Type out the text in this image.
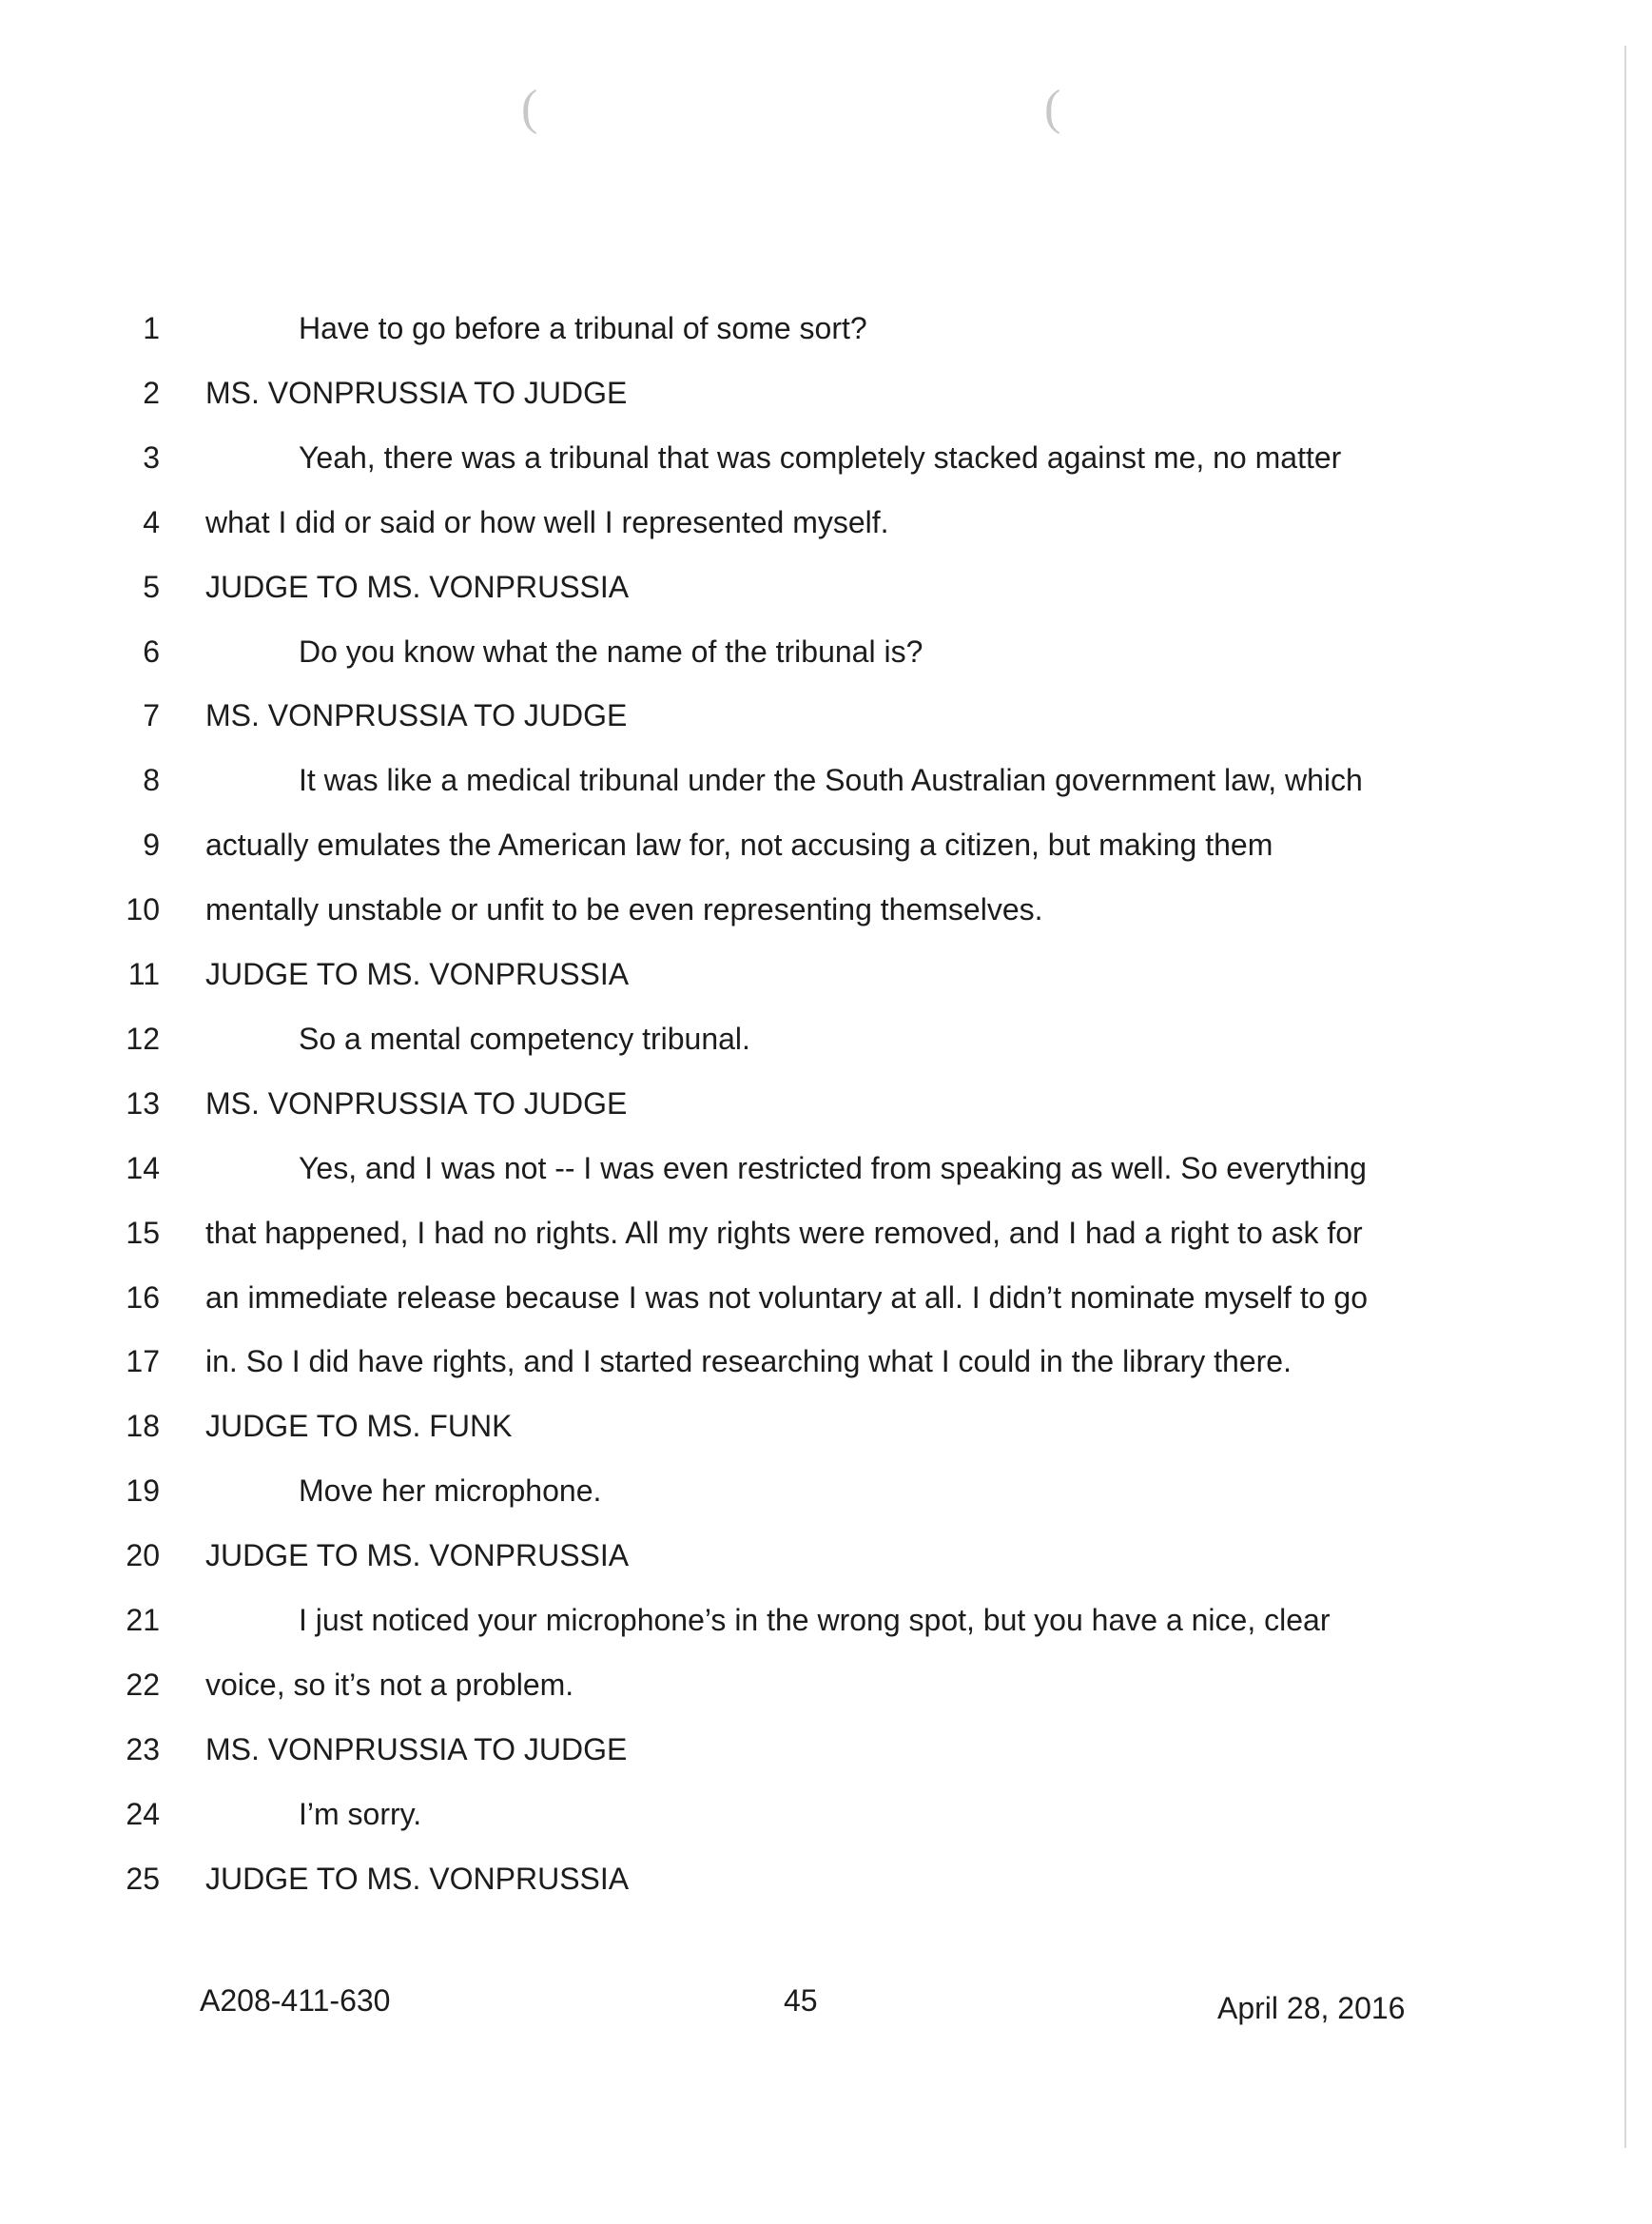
(	(
1	Have to go before a tribunal of some sort?
2 MS. VONPRUSSIA TO JUDGE
3	Yeah, there was a tribunal that was completely stacked against me, no matter
4 what I did or said or how well I represented myself.
5 JUDGE TO MS. VONPRUSSIA
6	Do you know what the name of the tribunal is?
7 MS. VONPRUSSIA TO JUDGE
8	It was like a medical tribunal under the South Australian government law, which
9 actually emulates the American law for, not accusing a citizen, but making them
10 mentally unstable or unfit to be even representing themselves.
11 JUDGE TO MS. VONPRUSSIA
12	So a mental competency tribunal.
13 MS. VONPRUSSIA TO JUDGE
14	Yes, and I was not -- I was even restricted from speaking as well. So everything
15 that happened, I had no rights. All my rights were removed, and I had a right to ask for
16 an immediate release because I was not voluntary at all. I didn’t nominate myself to go
17 in. So I did have rights, and I started researching what I could in the library there.
18 JUDGE TO MS. FUNK
19	Move her microphone.
20 JUDGE TO MS. VONPRUSSIA
21	I just noticed your microphone’s in the wrong spot, but you have a nice, clear
22 voice, so it’s not a problem.
23 MS. VONPRUSSIA TO JUDGE
24	I’m sorry.
25 JUDGE TO MS. VONPRUSSIA
A208-411-630	45	April 28, 2016
